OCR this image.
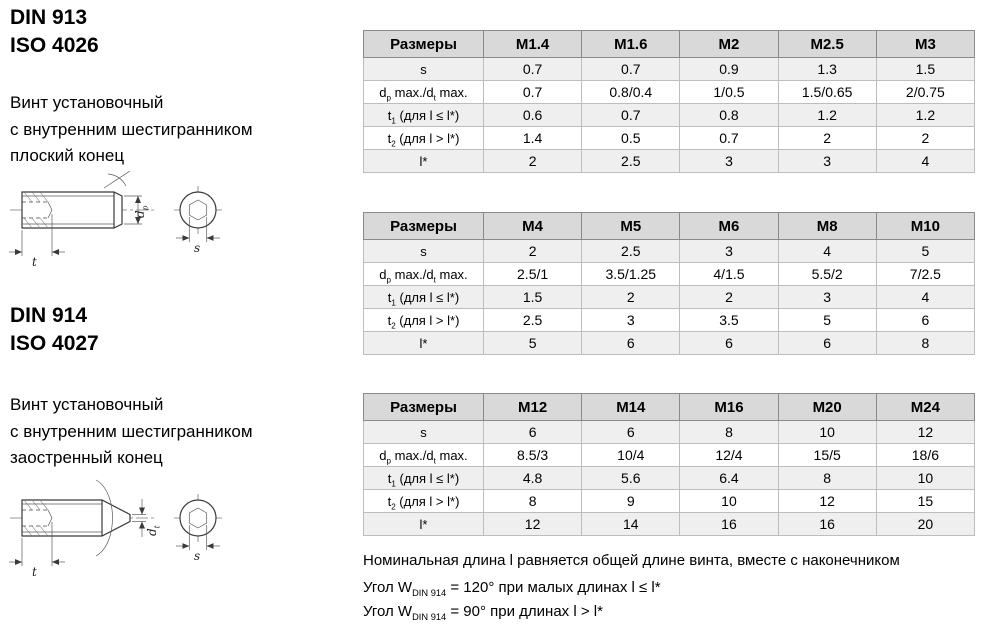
DIN 913
ISO 4026
Винт установочный
с внутренним шестигранником
плоский конец
t
$d_p$
s
DIN 914
ISO 4027
Винт установочный
с внутренним шестигранником
заостренный конец
t
$d_t$
s
Размеры	M1.4	M1.6	M2	M2.5	M3
s	0.7	0.7	0.9	1.3	1.5
$d_p$ $\max./d_t$ max.	0.7	0.8/0.4	1/0.5	1.5/0.65	2/0.75
$t_1$ (для l ≤ l*)	0.6	0.7	0.8	1.2	1.2
$t_2$ (для l > l*)	1.4	0.5	0.7	2	2
l*	2	2.5	3	3	4
Размеры	M4	M5	M6	M8	M10
s	2	2.5	3	4	5
$d_p$ $\max./d_t$ max.	2.5/1	3.5/1.25	4/1.5	5.5/2	7/2.5
$t_1$ (для l ≤ l*)	1.5	2	2	3	4
$t_2$ (для l > l*)	2.5	3	3.5	5	6
l*	5	6	6	6	8
Размеры	M12	M14	M16	M20	M24
s	6	6	8	10	12
$d_p$ $\max./d_t$ max.	8.5/3	10/4	12/4	15/5	18/6
$t_1$ (для l ≤ l*)	4.8	5.6	6.4	8	10
$t_2$ (для l > l*)	8	9	10	12	15
l*	12	14	16	16	20
Номинальная длина l равняется общей длине винта, вместе с наконечником
Угол $W_{DIN 914} = 120^\circ$ при малых длинах l ≤ l*
Угол $W_{DIN 914} = 90^\circ$ при длинах l > l*
